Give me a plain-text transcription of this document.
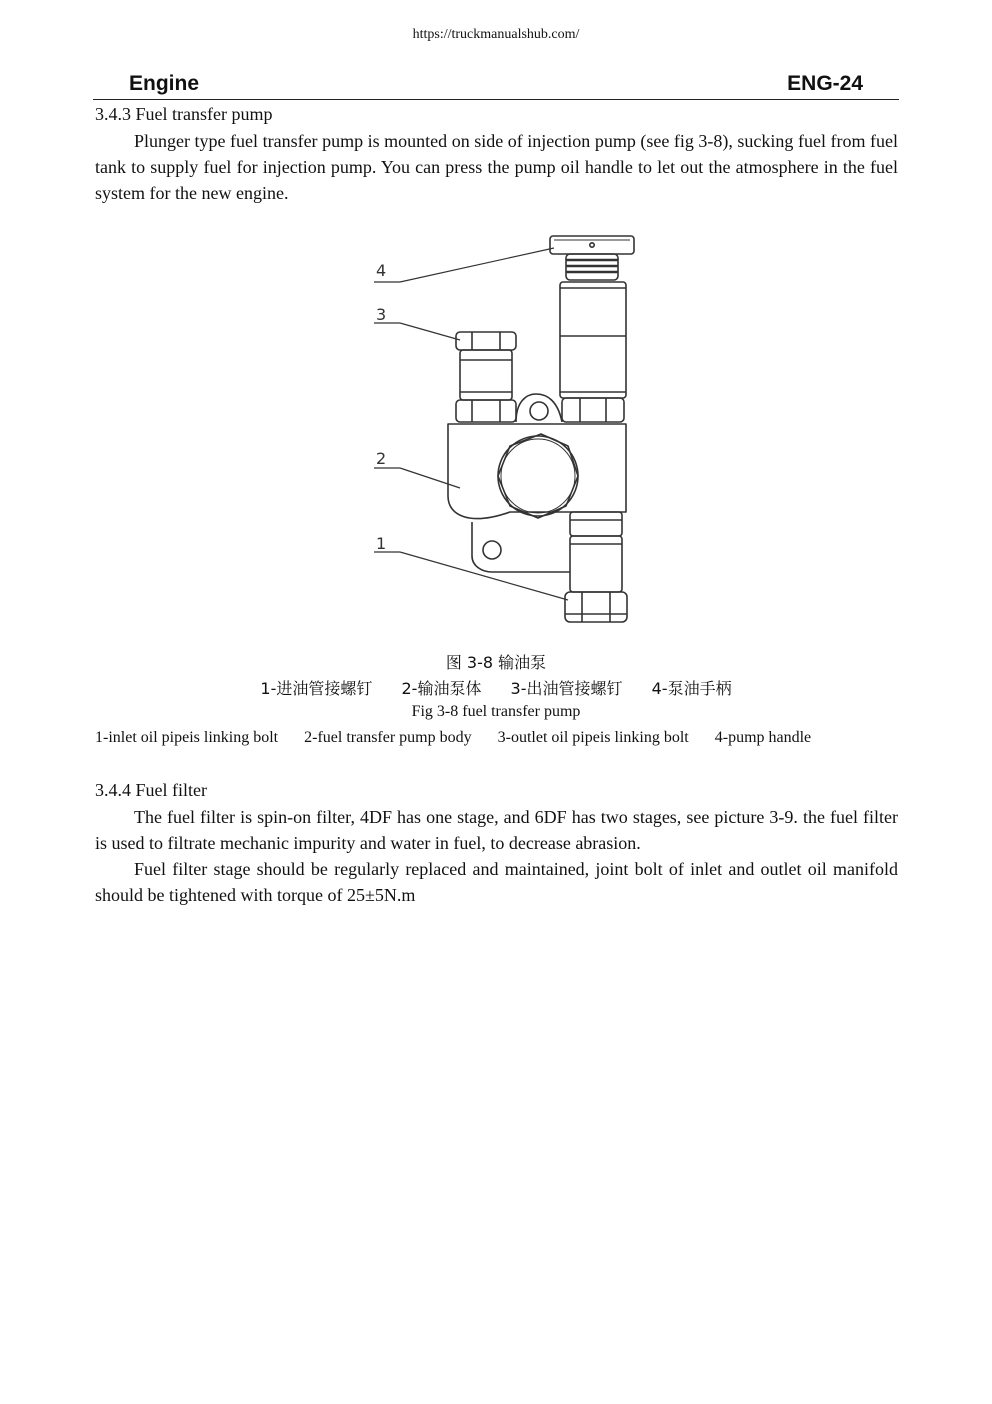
https://truckmanualshub.com/
Engine	ENG-24
3.4.3 Fuel transfer pump

Plunger type fuel transfer pump is mounted on side of injection pump (see fig 3-8), sucking fuel from fuel tank to supply fuel for injection pump. You can press the pump oil handle to let out the atmosphere in the fuel system for the new engine.

4
3
2
1
图 3-8 输油泵
1-进油管接螺钉 2-输油泵体 3-出油管接螺钉 4-泵油手柄
Fig 3-8 fuel transfer pump
1-inlet oil pipeis linking bolt 2-fuel transfer pump body 3-outlet oil pipeis linking bolt 4-pump handle
3.4.4 Fuel filter

The fuel filter is spin-on filter, 4DF has one stage, and 6DF has two stages, see picture 3-9. the fuel filter is used to filtrate mechanic impurity and water in fuel, to decrease abrasion.

Fuel filter stage should be regularly replaced and maintained, joint bolt of inlet and outlet oil manifold should be tightened with torque of 25±5N.m
